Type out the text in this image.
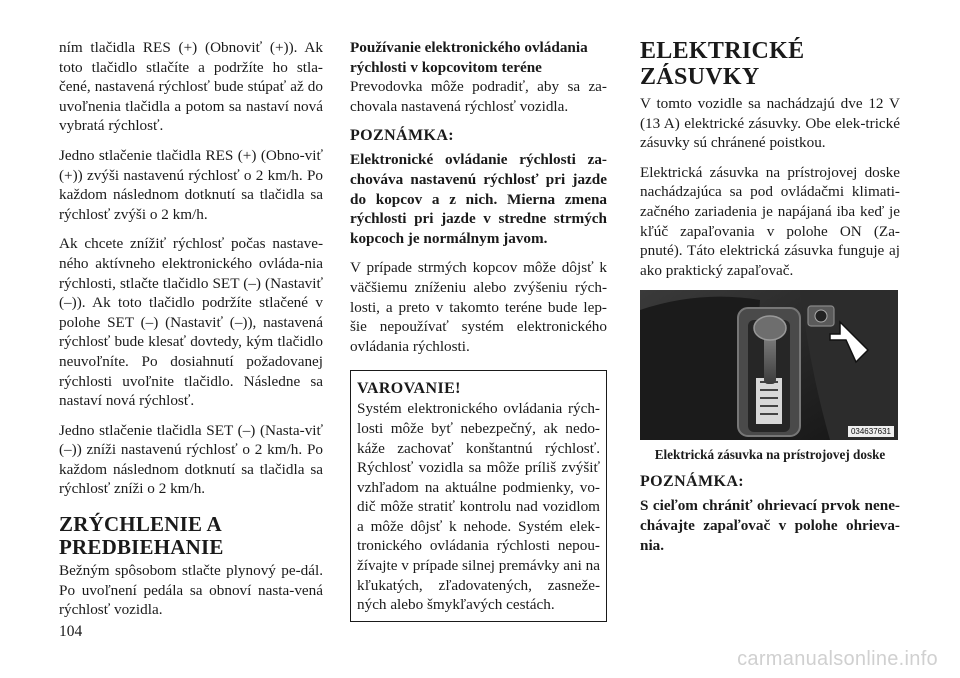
ním tlačidla RES (+) (Obnoviť (+)). Ak toto tlačidlo stlačíte a podržíte ho stla-čené, nastavená rýchlosť bude stúpať až do uvoľnenia tlačidla a potom sa nastaví nová vybratá rýchlosť.

Jedno stlačenie tlačidla RES (+) (Obno-viť (+)) zvýši nastavenú rýchlosť o 2 km/h. Po každom následnom dotknutí sa tlačidla sa rýchlosť zvýši o 2 km/h.

Ak chcete znížiť rýchlosť počas nastave-ného aktívneho elektronického ovláda-nia rýchlosti, stlačte tlačidlo SET (–) (Nastaviť (–)). Ak toto tlačidlo podržíte stlačené v polohe SET (–) (Nastaviť (–)), nastavená rýchlosť bude klesať dovtedy, kým tlačidlo neuvoľníte. Po dosiahnutí požadovanej rýchlosti uvoľnite tlačidlo. Následne sa nastaví nová rýchlosť.

Jedno stlačenie tlačidla SET (–) (Nasta-viť (–)) zníži nastavenú rýchlosť o 2 km/h. Po každom následnom dotknutí sa tlačidla sa rýchlosť zníži o 2 km/h.

ZRÝCHLENIE A
PREDBIEHANIE

Bežným spôsobom stlačte plynový pe-dál. Po uvoľnení pedála sa obnoví nasta-vená rýchlosť vozidla.

Používanie elektronického ovládania
rýchlosti v kopcovitom teréne

Prevodovka môže podradiť, aby sa za-chovala nastavená rýchlosť vozidla.

POZNÁMKA:

Elektronické ovládanie rýchlosti za-chováva nastavenú rýchlosť pri jazde do kopcov a z nich. Mierna zmena rýchlosti pri jazde v stredne strmých kopcoch je normálnym javom.

V prípade strmých kopcov môže dôjsť k väčšiemu zníženiu alebo zvýšeniu rých-losti, a preto v takomto teréne bude lep-šie nepoužívať systém elektronického ovládania rýchlosti.

VAROVANIE!

Systém elektronického ovládania rých-losti môže byť nebezpečný, ak nedo-káže zachovať konštantnú rýchlosť. Rýchlosť vozidla sa môže príliš zvýšiť vzhľadom na aktuálne podmienky, vo-dič môže stratiť kontrolu nad vozidlom a môže dôjsť k nehode. Systém elek-tronického ovládania rýchlosti nepou-žívajte v prípade silnej premávky ani na kľukatých, zľadovatených, zasneže-ných alebo šmykľavých cestách.

ELEKTRICKÉ ZÁSUVKY

V tomto vozidle sa nachádzajú dve 12 V (13 A) elektrické zásuvky. Obe elek-trické zásuvky sú chránené poistkou.

Elektrická zásuvka na prístrojovej doske nachádzajúca sa pod ovládačmi klimati-začného zariadenia je napájaná iba keď je kľúč zapaľovania v polohe ON (Za-pnuté). Táto elektrická zásuvka funguje aj ako praktický zapaľovač.

0346376​31
Elektrická zásuvka na prístrojovej doske
POZNÁMKA:

S cieľom chrániť ohrievací prvok nene-chávajte zapaľovač v polohe ohrieva-nia.

104
carmanualsonline.info
